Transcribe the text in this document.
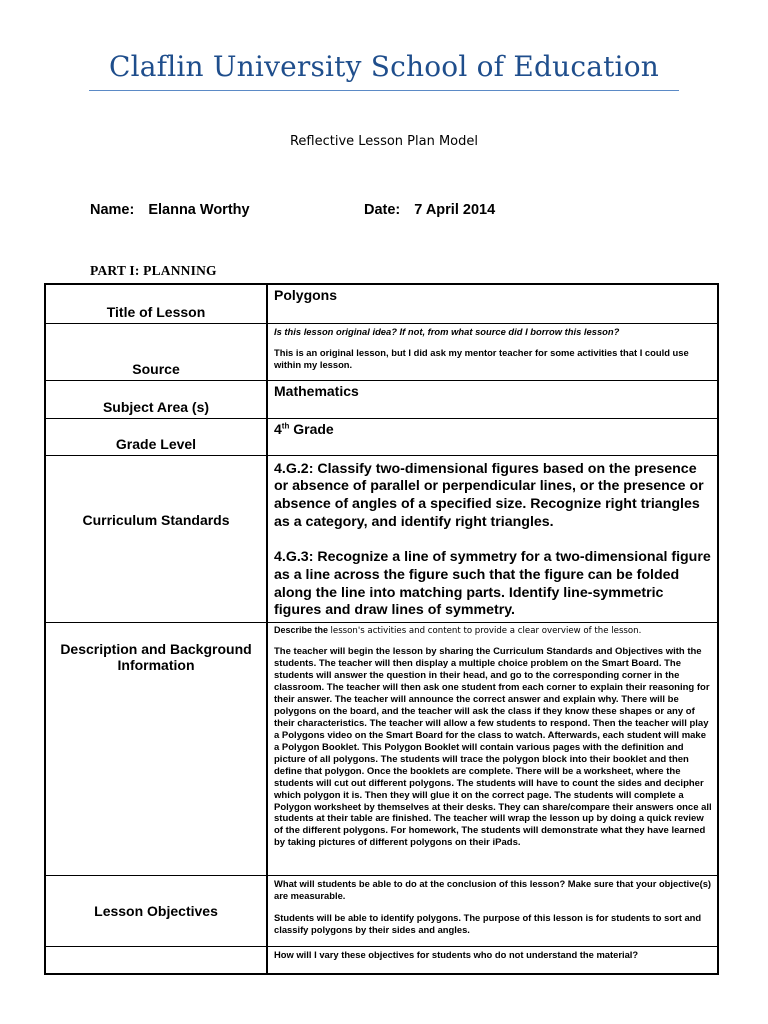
Claflin University School of Education
Reflective Lesson Plan Model
Name: Elanna Worthy	Date: 7 April 2014
PART I: PLANNING
Title of Lesson	Polygons

Source	Is this lesson original idea? If not, from what source did I borrow this lesson?
This is an original lesson, but I did ask my mentor teacher for some activities that I could use within my lesson.

Subject Area (s)	Mathematics

Grade Level	4th Grade

Curriculum Standards	4.G.2: Classify two-dimensional figures based on the presence or absence of parallel or perpendicular lines, or the presence or absence of angles of a specified size. Recognize right triangles as a category, and identify right triangles.
4.G.3: Recognize a line of symmetry for a two-dimensional figure as a line across the figure such that the figure can be folded along the line into matching parts. Identify line-symmetric figures and draw lines of symmetry.

Description and Background Information	Describe the lesson's activities and content to provide a clear overview of the lesson.
The teacher will begin the lesson by sharing the Curriculum Standards and Objectives with the students. The teacher will then display a multiple choice problem on the Smart Board. The students will answer the question in their head, and go to the corresponding corner in the classroom. The teacher will then ask one student from each corner to explain their reasoning for their answer. The teacher will announce the correct answer and explain why. There will be polygons on the board, and the teacher will ask the class if they know these shapes or any of their characteristics. The teacher will allow a few students to respond. Then the teacher will play a Polygons video on the Smart Board for the class to watch. Afterwards, each student will make a Polygon Booklet. This Polygon Booklet will contain various pages with the definition and picture of all polygons. The students will trace the polygon block into their booklet and then define that polygon. Once the booklets are complete. There will be a worksheet, where the students will cut out different polygons. The students will have to count the sides and decipher which polygon it is. Then they will glue it on the correct page. The students will complete a Polygon worksheet by themselves at their desks. They can share/compare their answers once all students at their table are finished. The teacher will wrap the lesson up by doing a quick review of the different polygons. For homework, The students will demonstrate what they have learned by taking pictures of different polygons on their iPads.

Lesson Objectives	What will students be able to do at the conclusion of this lesson? Make sure that your objective(s) are measurable.
Students will be able to identify polygons. The purpose of this lesson is for students to sort and classify polygons by their sides and angles.

	How will I vary these objectives for students who do not understand the material?
